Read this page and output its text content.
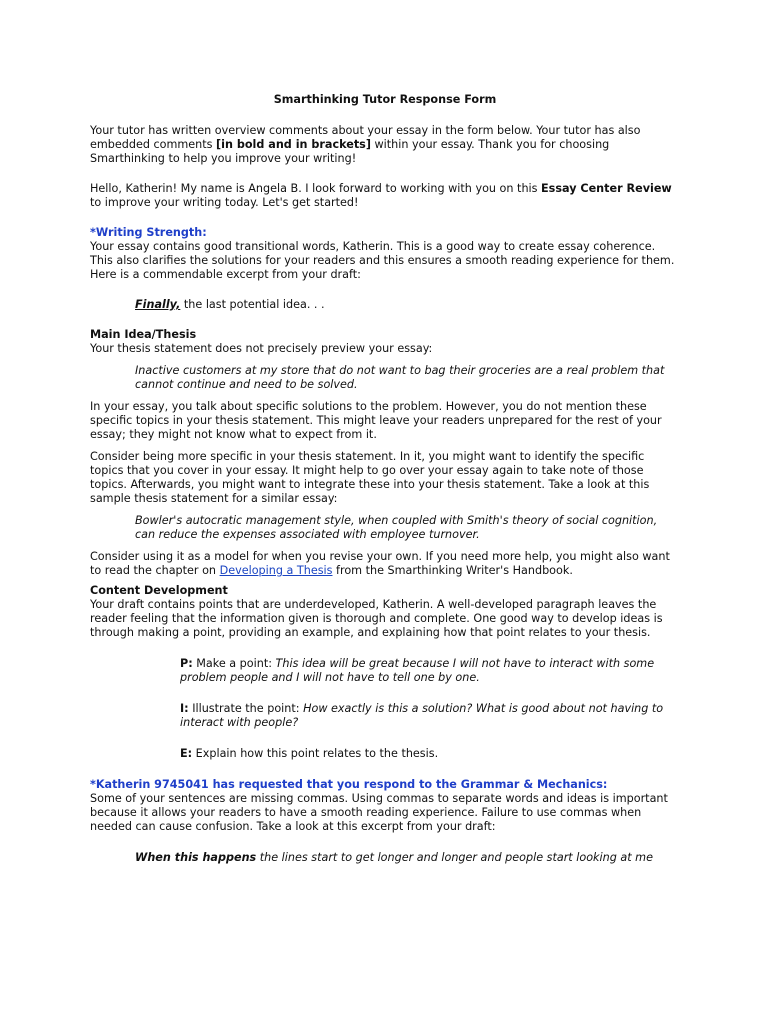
Smarthinking Tutor Response Form

Your tutor has written overview comments about your essay in the form below. Your tutor has also embedded comments [in bold and in brackets] within your essay. Thank you for choosing Smarthinking to help you improve your writing!

Hello, Katherin! My name is Angela B. I look forward to working with you on this Essay Center Review to improve your writing today. Let's get started!

*Writing Strength:

Your essay contains good transitional words, Katherin. This is a good way to create essay coherence. This also clarifies the solutions for your readers and this ensures a smooth reading experience for them. Here is a commendable excerpt from your draft:

Finally, the last potential idea. . .

Main Idea/Thesis

Your thesis statement does not precisely preview your essay:

Inactive customers at my store that do not want to bag their groceries are a real problem that cannot continue and need to be solved.

In your essay, you talk about specific solutions to the problem. However, you do not mention these specific topics in your thesis statement. This might leave your readers unprepared for the rest of your essay; they might not know what to expect from it.

Consider being more specific in your thesis statement. In it, you might want to identify the specific topics that you cover in your essay. It might help to go over your essay again to take note of those topics. Afterwards, you might want to integrate these into your thesis statement. Take a look at this sample thesis statement for a similar essay:

Bowler's autocratic management style, when coupled with Smith's theory of social cognition, can reduce the expenses associated with employee turnover.

Consider using it as a model for when you revise your own. If you need more help, you might also want to read the chapter on Developing a Thesis from the Smarthinking Writer's Handbook.

Content Development

Your draft contains points that are underdeveloped, Katherin. A well-developed paragraph leaves the reader feeling that the information given is thorough and complete. One good way to develop ideas is through making a point, providing an example, and explaining how that point relates to your thesis.

P: Make a point: This idea will be great because I will not have to interact with some problem people and I will not have to tell one by one.

I: Illustrate the point: How exactly is this a solution? What is good about not having to interact with people?

E: Explain how this point relates to the thesis.

*Katherin 9745041 has requested that you respond to the Grammar & Mechanics:

Some of your sentences are missing commas. Using commas to separate words and ideas is important because it allows your readers to have a smooth reading experience. Failure to use commas when needed can cause confusion. Take a look at this excerpt from your draft:

When this happens the lines start to get longer and longer and people start looking at me
